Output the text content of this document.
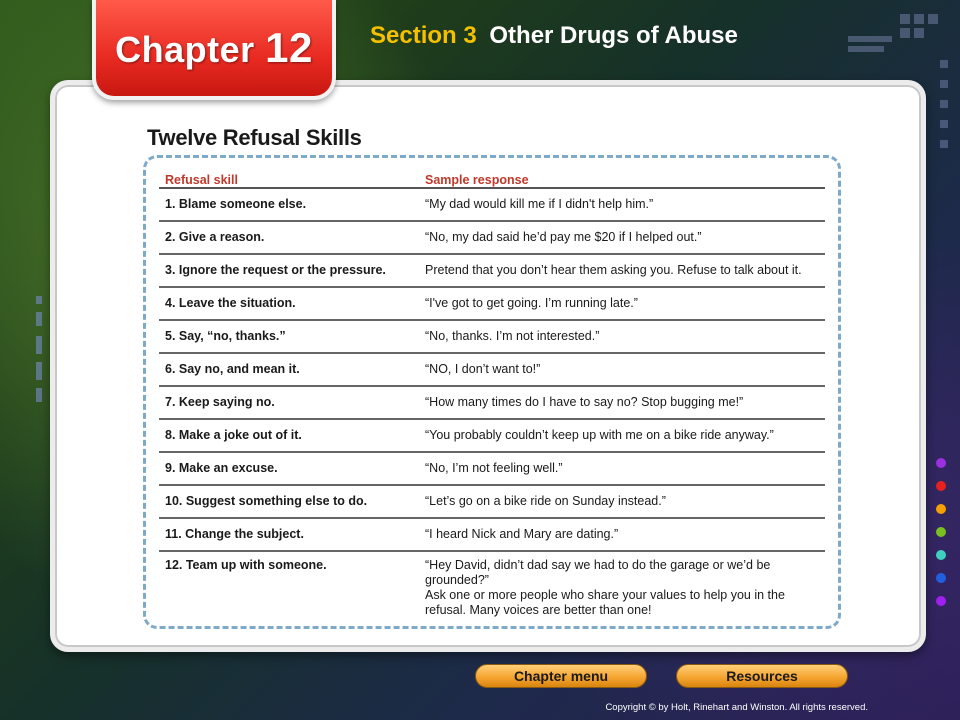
Chapter 12 Section 3 Other Drugs of Abuse
Twelve Refusal Skills
Refusal skill	Sample response
1. Blame someone else.	“My dad would kill me if I didn't help him.”
2. Give a reason.	“No, my dad said he’d pay me $20 if I helped out.”
3. Ignore the request or the pressure.	Pretend that you don’t hear them asking you. Refuse to talk about it.
4. Leave the situation.	“I've got to get going. I’m running late.”
5. Say, “no, thanks.”	“No, thanks. I’m not interested.”
6. Say no, and mean it.	“NO, I don’t want to!”
7. Keep saying no.	“How many times do I have to say no? Stop bugging me!”
8. Make a joke out of it.	“You probably couldn’t keep up with me on a bike ride anyway.”
9. Make an excuse.	“No, I’m not feeling well.”
10. Suggest something else to do.	“Let’s go on a bike ride on Sunday instead.”
11. Change the subject.	“I heard Nick and Mary are dating.”
12. Team up with someone.	“Hey David, didn’t dad say we had to do the garage or we’d be grounded?”
Ask one or more people who share your values to help you in the refusal. Many voices are better than one!
Chapter menu	Resources
Copyright © by Holt, Rinehart and Winston. All rights reserved.
